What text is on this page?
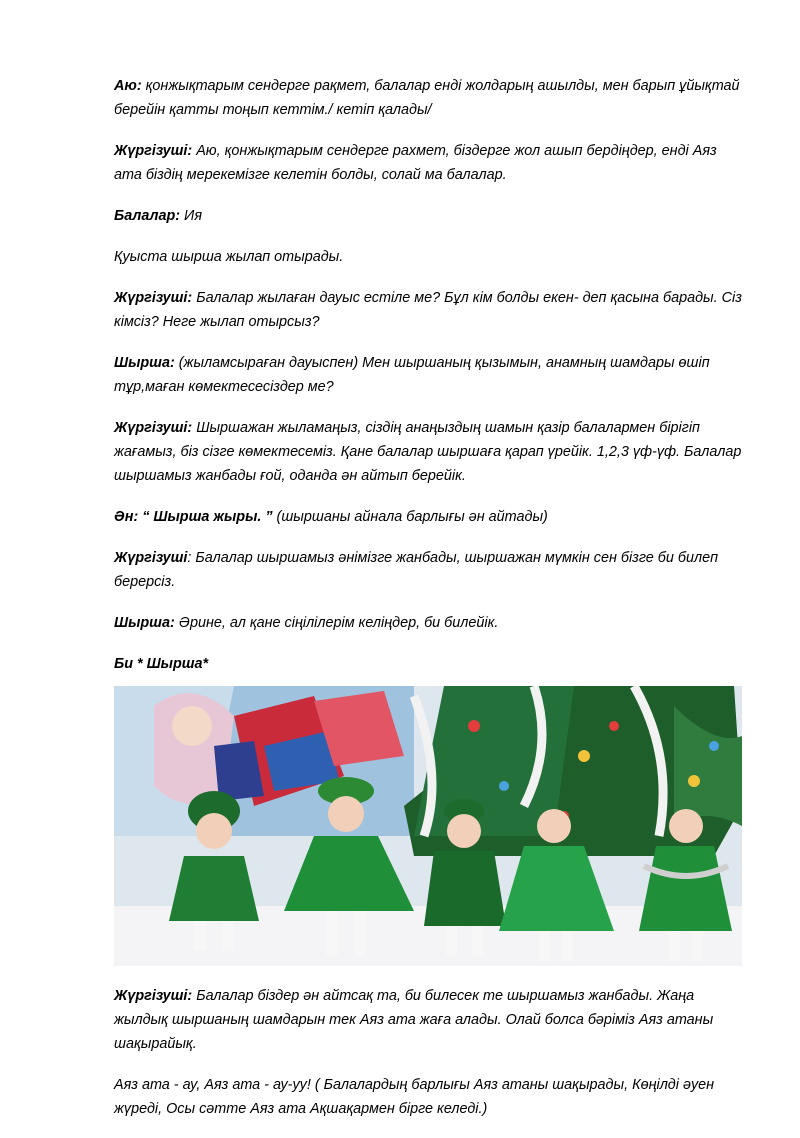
Аю: қонжықтарым сендерге рақмет, балалар енді жолдарың ашылды, мен барып ұйықтай берейін қатты тоңып кеттім./ кетіп қалады/

Жүргізуші: Аю, қонжықтарым сендерге рахмет, біздерге жол ашып бердіңдер, енді Аяз ата біздің мерекемізге келетін болды, солай ма балалар.

Балалар: Ия

Қуыста шырша жылап отырады.

Жүргізуші: Балалар жылаған дауыс естіле ме? Бұл кім болды екен- деп қасына барады. Сіз кімсіз? Неге жылап отырсыз?

Шырша: (жыламсыраған дауыспен) Мен шыршаның қызымын, анамның шамдары өшіп тұр,маған көмектесесіздер ме?

Жүргізуші: Шыршажан жыламаңыз, сіздің анаңыздың шамын қазір балалармен бірігіп жағамыз, біз сізге көмектесеміз. Қане балалар шыршаға қарап үрейік. 1,2,3 үф-үф. Балалар шыршамыз жанбады ғой, оданда ән айтып берейік.

Ән: “ Шырша жыры. ” (шыршаны айнала барлығы ән айтады)

Жүргізуші: Балалар шыршамыз әнімізге жанбады, шыршажан мүмкін сен бізге би билеп берерсіз.

Шырша: Әрине, ал қане сіңілілерім келіңдер, би билейік.

Би * Шырша*

Жүргізуші: Балалар біздер ән айтсақ та, би билесек те шыршамыз жанбады. Жаңа жылдық шыршаның шамдарын тек Аяз ата жаға алады. Олай болса бәріміз Аяз атаны шақырайық.

Аяз ата - ау, Аяз ата - ау-уу! ( Балалардың барлығы Аяз атаны шақырады, Көңілді әуен жүреді, Осы сәтте Аяз ата Ақшақармен бірге келеді.)
